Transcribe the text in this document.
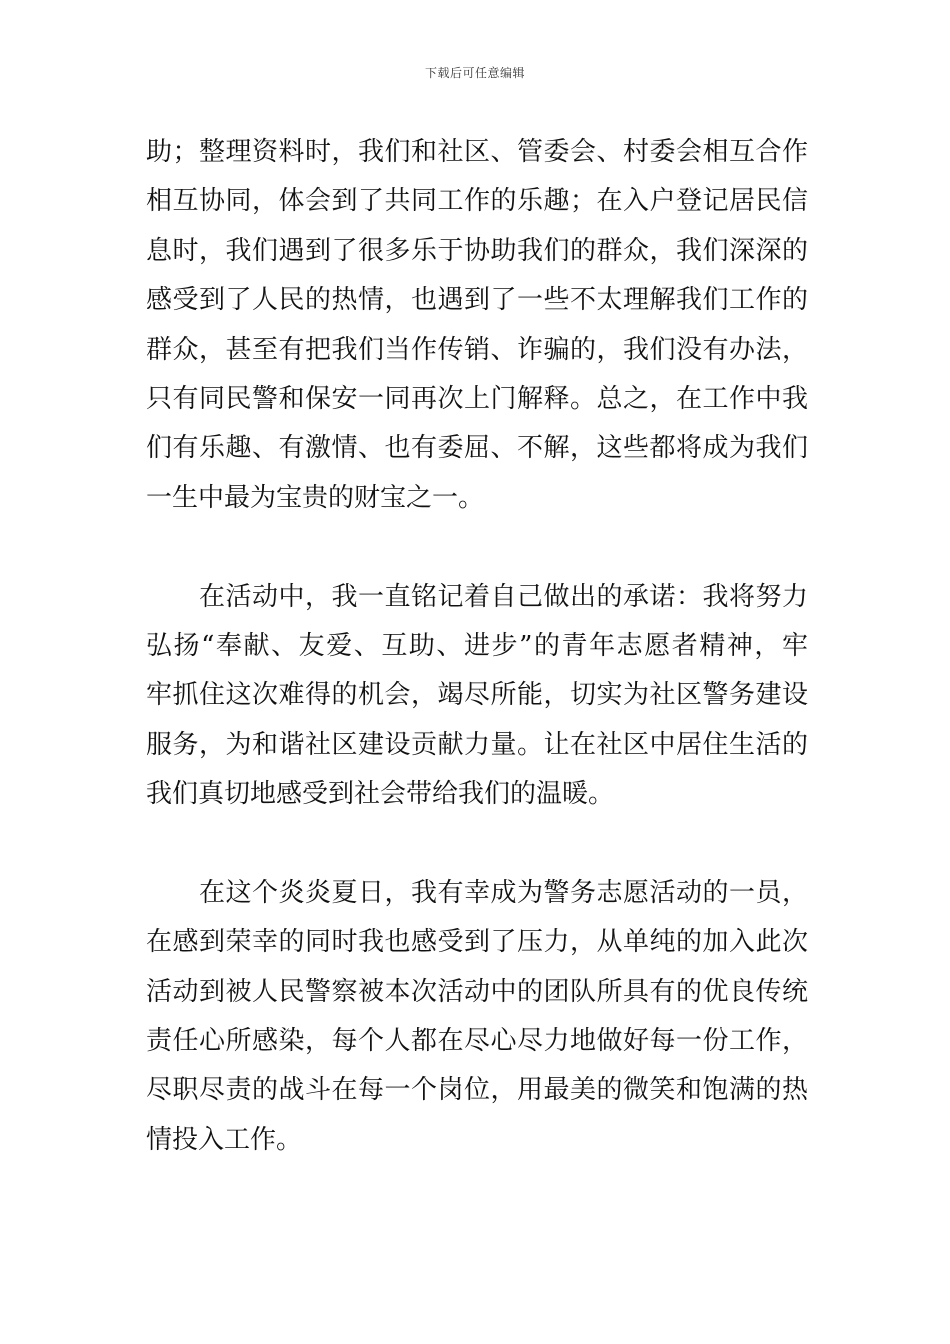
下载后可任意编辑
助；整理资料时，我们和社区、管委会、村委会相互合作
相互协同，体会到了共同工作的乐趣；在入户登记居民信
息时，我们遇到了很多乐于协助我们的群众，我们深深的
感受到了人民的热情，也遇到了一些不太理解我们工作的
群众，甚至有把我们当作传销、诈骗的，我们没有办法，
只有同民警和保安一同再次上门解释。总之，在工作中我
们有乐趣、有激情、也有委屈、不解，这些都将成为我们
一生中最为宝贵的财宝之一。
　　在活动中，我一直铭记着自己做出的承诺：我将努力
弘扬“奉献、友爱、互助、进步”的青年志愿者精神，牢
牢抓住这次难得的机会，竭尽所能，切实为社区警务建设
服务，为和谐社区建设贡献力量。让在社区中居住生活的
我们真切地感受到社会带给我们的温暖。
　　在这个炎炎夏日，我有幸成为警务志愿活动的一员，
在感到荣幸的同时我也感受到了压力，从单纯的加入此次
活动到被人民警察被本次活动中的团队所具有的优良传统
责任心所感染，每个人都在尽心尽力地做好每一份工作，
尽职尽责的战斗在每一个岗位，用最美的微笑和饱满的热
情投入工作。
